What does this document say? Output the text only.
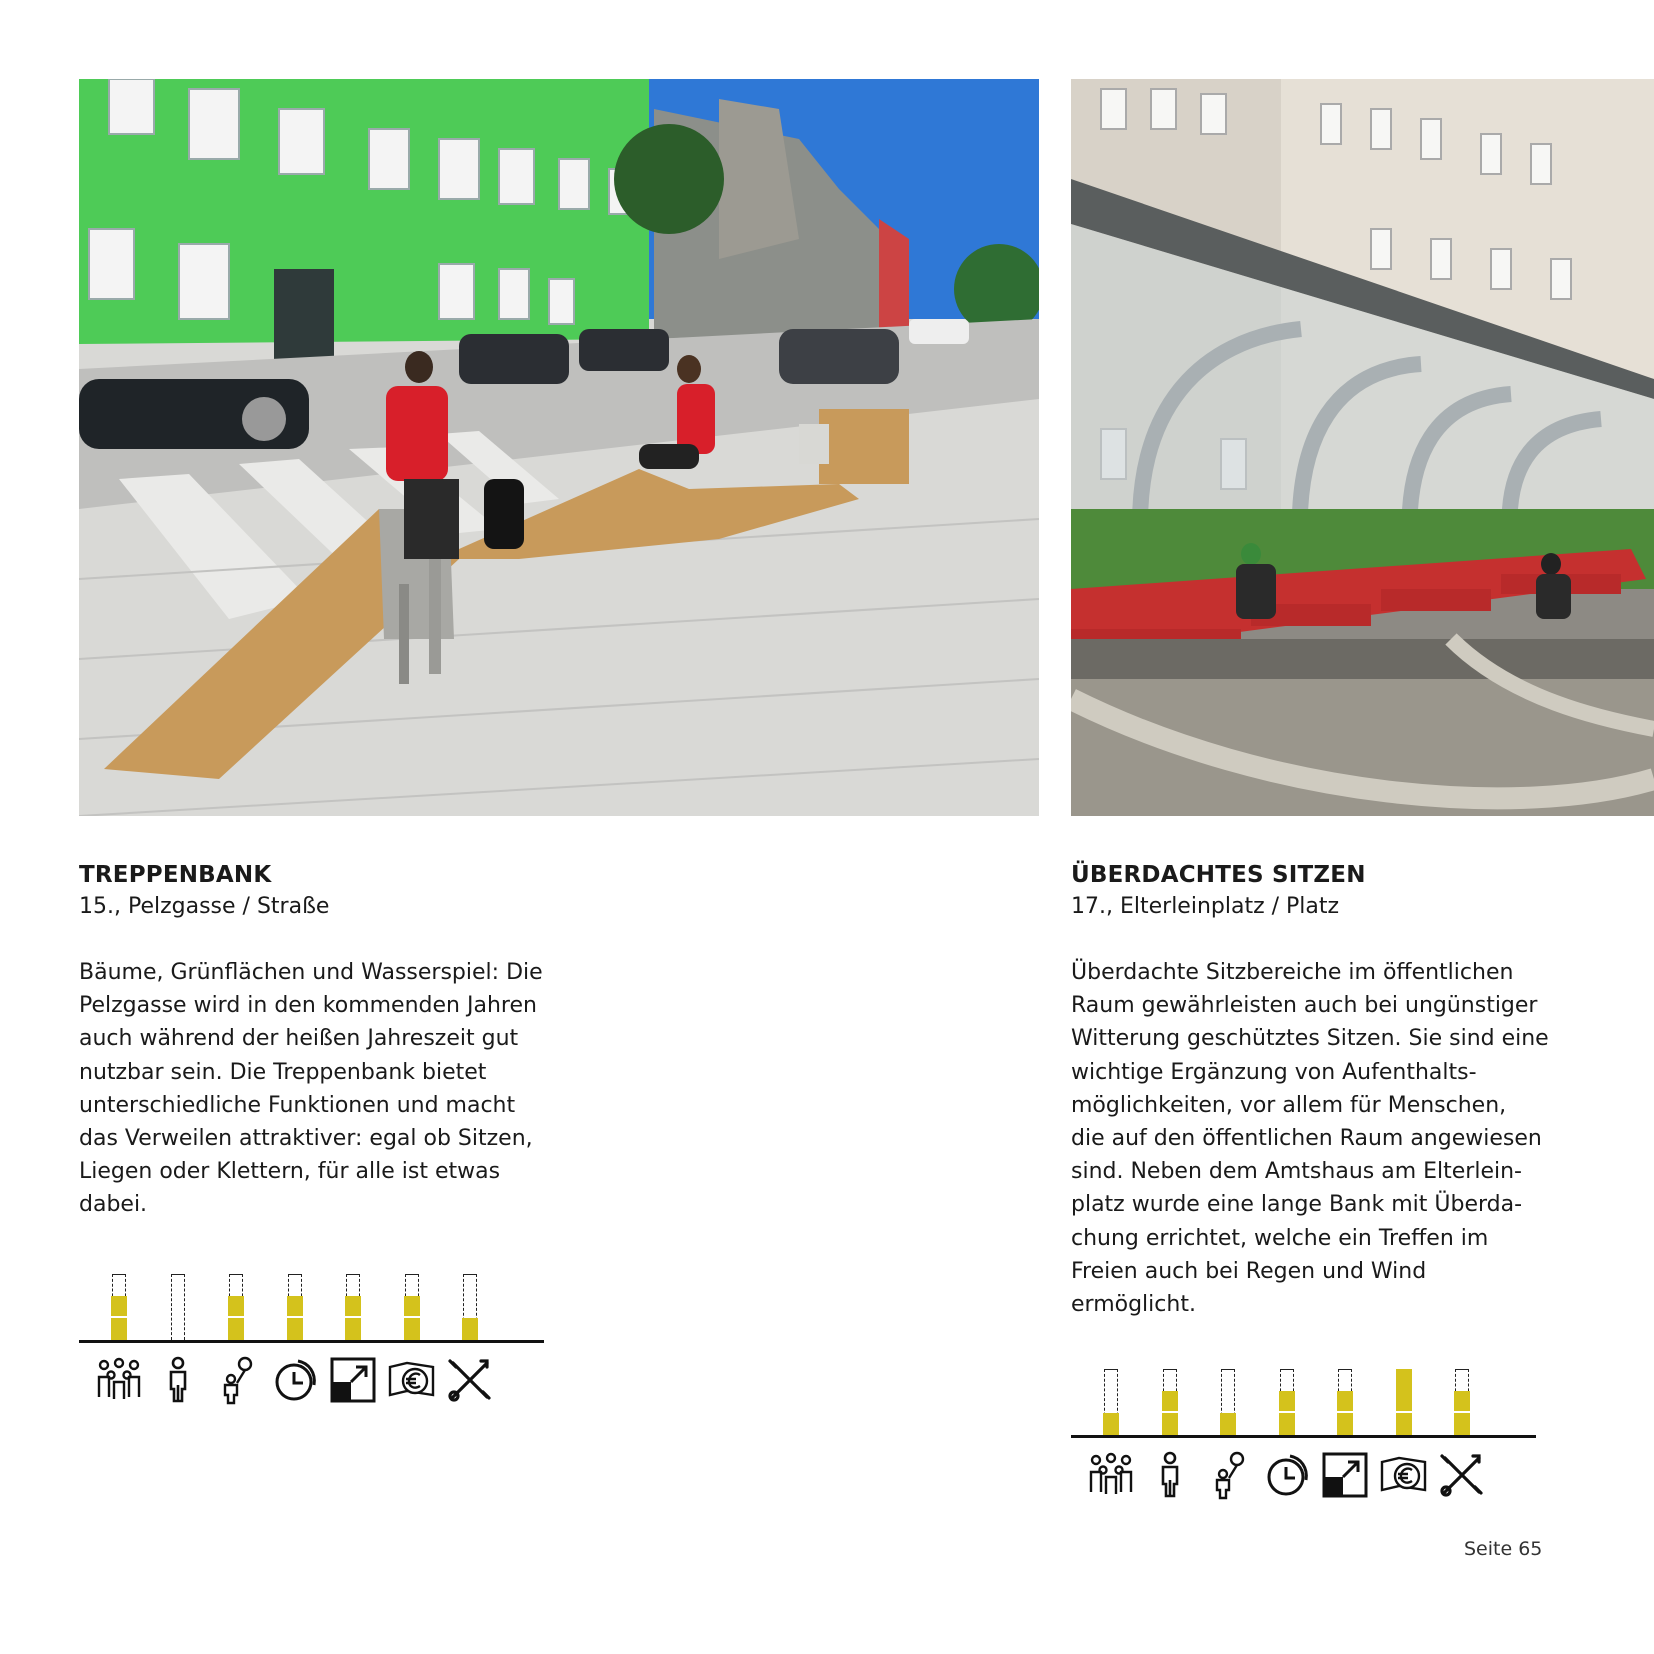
TREPPENBANK

15., Pelzgasse / Straße

Bäume, Grünflächen und Wasserspiel: Die
Pelzgasse wird in den kommenden Jahren
auch während der heißen Jahreszeit gut
nutzbar sein. Die Treppenbank bietet
unterschiedliche Funktionen und macht
das Verweilen attraktiver: egal ob Sitzen,
Liegen oder Klettern, für alle ist etwas
dabei.

ÜBERDACHTES SITZEN

17., Elterleinplatz / Platz

Überdachte Sitzbereiche im öffentlichen
Raum gewährleisten auch bei ungünstiger
Witterung geschütztes Sitzen. Sie sind eine
wichtige Ergänzung von Aufenthalts-
möglichkeiten, vor allem für Menschen,
die auf den öffentlichen Raum angewiesen
sind. Neben dem Amtshaus am Elterlein-
platz wurde eine lange Bank mit Überda-
chung errichtet, welche ein Treffen im
Freien auch bei Regen und Wind
ermöglicht.

Seite 65
